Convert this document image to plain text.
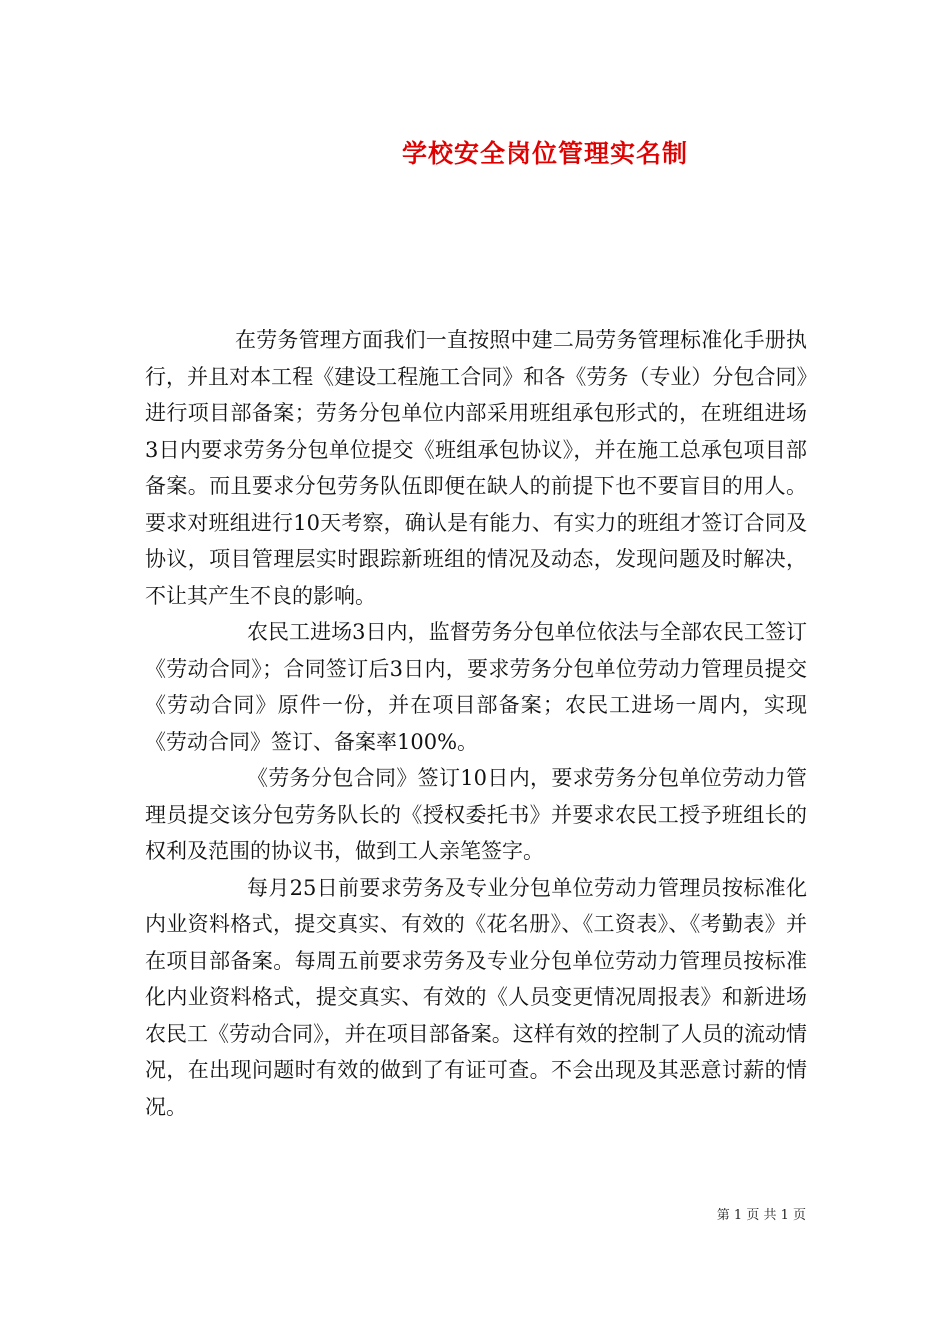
学校安全岗位管理实名制

在劳务管理方面我们一直按照中建二局劳务管理标准化手册执行，并且对本工程《建设工程施工合同》和各《劳务（专业）分包合同》进行项目部备案；劳务分包单位内部采用班组承包形式的，在班组进场3日内要求劳务分包单位提交《班组承包协议》，并在施工总承包项目部备案。而且要求分包劳务队伍即便在缺人的前提下也不要盲目的用人。要求对班组进行10天考察，确认是有能力、有实力的班组才签订合同及协议，项目管理层实时跟踪新班组的情况及动态，发现问题及时解决，不让其产生不良的影响。

农民工进场3日内，监督劳务分包单位依法与全部农民工签订《劳动合同》；合同签订后3日内，要求劳务分包单位劳动力管理员提交《劳动合同》原件一份，并在项目部备案；农民工进场一周内，实现《劳动合同》签订、备案率100%。

《劳务分包合同》签订10日内，要求劳务分包单位劳动力管理员提交该分包劳务队长的《授权委托书》并要求农民工授予班组长的权利及范围的协议书，做到工人亲笔签字。

每月25日前要求劳务及专业分包单位劳动力管理员按标准化内业资料格式，提交真实、有效的《花名册》、《工资表》、《考勤表》并在项目部备案。每周五前要求劳务及专业分包单位劳动力管理员按标准化内业资料格式，提交真实、有效的《人员变更情况周报表》和新进场农民工《劳动合同》，并在项目部备案。这样有效的控制了人员的流动情况，在出现问题时有效的做到了有证可查。不会出现及其恶意讨薪的情况。

第 1 页 共 1 页
